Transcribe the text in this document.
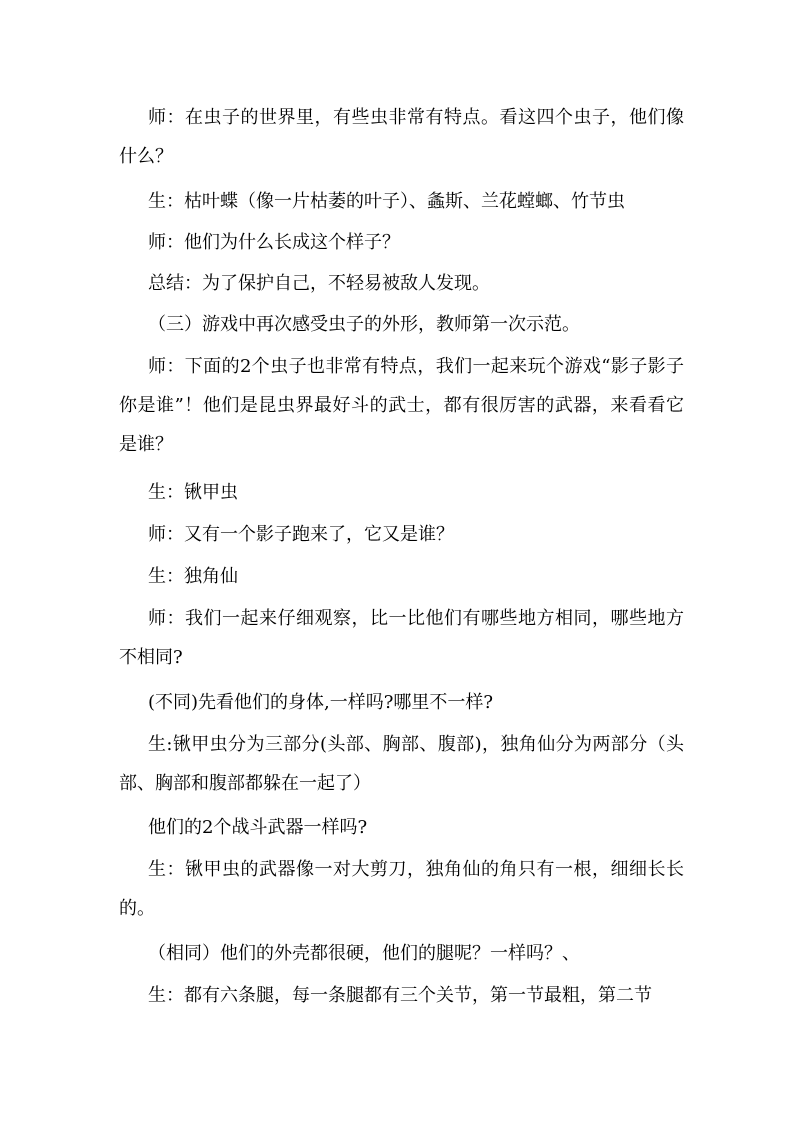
师：在虫子的世界里，有些虫非常有特点。看这四个虫子，他们像什么？

生：枯叶蝶（像一片枯萎的叶子）、螽斯、兰花螳螂、竹节虫

师：他们为什么长成这个样子？

总结：为了保护自己，不轻易被敌人发现。

（三）游戏中再次感受虫子的外形，教师第一次示范。

师：下面的2个虫子也非常有特点，我们一起来玩个游戏“影子影子你是谁”！他们是昆虫界最好斗的武士，都有很厉害的武器，来看看它是谁？

生：锹甲虫

师：又有一个影子跑来了，它又是谁？

生：独角仙

师：我们一起来仔细观察，比一比他们有哪些地方相同，哪些地方不相同?

(不同)先看他们的身体,一样吗?哪里不一样?

生:锹甲虫分为三部分(头部、胸部、腹部)，独角仙分为两部分（头部、胸部和腹部都躲在一起了）

他们的2个战斗武器一样吗?

生：锹甲虫的武器像一对大剪刀，独角仙的角只有一根，细细长长的。

（相同）他们的外壳都很硬，他们的腿呢？一样吗？、

生：都有六条腿，每一条腿都有三个关节，第一节最粗，第二节
